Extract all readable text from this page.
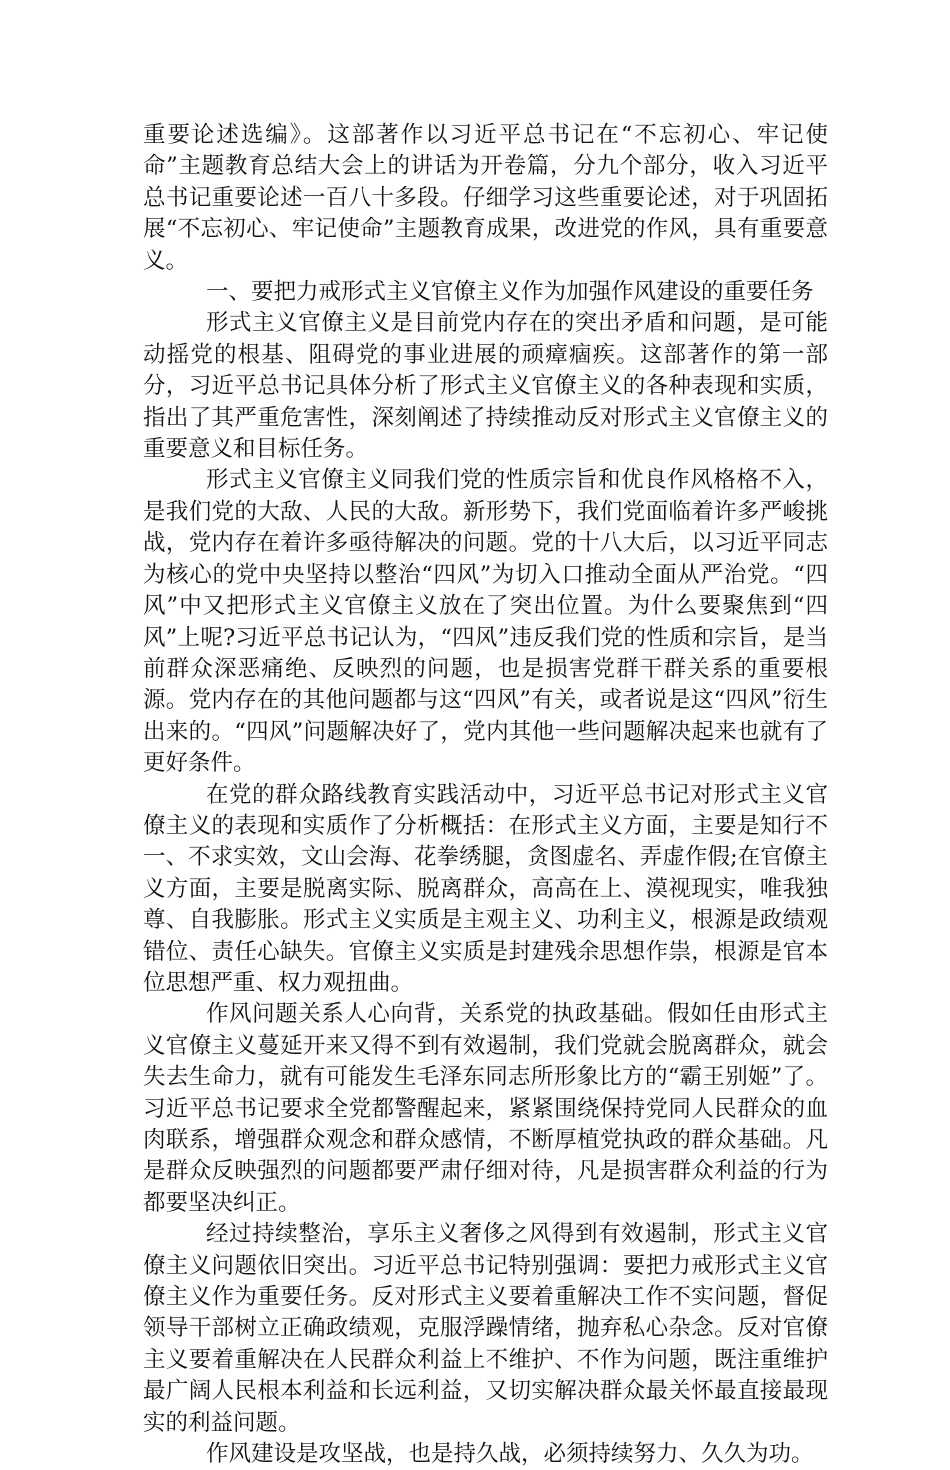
重要论述选编》。这部著作以习近平总书记在“不忘初心、牢记使命”主题教育总结大会上的讲话为开卷篇，分九个部分，收入习近平总书记重要论述一百八十多段。仔细学习这些重要论述，对于巩固拓展“不忘初心、牢记使命”主题教育成果，改进党的作风，具有重要意义。

一、要把力戒形式主义官僚主义作为加强作风建设的重要任务

形式主义官僚主义是目前党内存在的突出矛盾和问题，是可能动摇党的根基、阻碍党的事业进展的顽瘴痼疾。这部著作的第一部分，习近平总书记具体分析了形式主义官僚主义的各种表现和实质，指出了其严重危害性，深刻阐述了持续推动反对形式主义官僚主义的重要意义和目标任务。

形式主义官僚主义同我们党的性质宗旨和优良作风格格不入，是我们党的大敌、人民的大敌。新形势下，我们党面临着许多严峻挑战，党内存在着许多亟待解决的问题。党的十八大后，以习近平同志为核心的党中央坚持以整治“四风”为切入口推动全面从严治党。“四风”中又把形式主义官僚主义放在了突出位置。为什么要聚焦到“四风”上呢?习近平总书记认为，“四风”违反我们党的性质和宗旨，是当前群众深恶痛绝、反映烈的问题，也是损害党群干群关系的重要根源。党内存在的其他问题都与这“四风”有关，或者说是这“四风”衍生出来的。“四风”问题解决好了，党内其他一些问题解决起来也就有了更好条件。

在党的群众路线教育实践活动中，习近平总书记对形式主义官僚主义的表现和实质作了分析概括：在形式主义方面，主要是知行不一、不求实效，文山会海、花拳绣腿，贪图虚名、弄虚作假;在官僚主义方面，主要是脱离实际、脱离群众，高高在上、漠视现实，唯我独尊、自我膨胀。形式主义实质是主观主义、功利主义，根源是政绩观错位、责任心缺失。官僚主义实质是封建残余思想作祟，根源是官本位思想严重、权力观扭曲。

作风问题关系人心向背，关系党的执政基础。假如任由形式主义官僚主义蔓延开来又得不到有效遏制，我们党就会脱离群众，就会失去生命力，就有可能发生毛泽东同志所形象比方的“霸王别姬”了。习近平总书记要求全党都警醒起来，紧紧围绕保持党同人民群众的血肉联系，增强群众观念和群众感情，不断厚植党执政的群众基础。凡是群众反映强烈的问题都要严肃仔细对待，凡是损害群众利益的行为都要坚决纠正。

经过持续整治，享乐主义奢侈之风得到有效遏制，形式主义官僚主义问题依旧突出。习近平总书记特别强调：要把力戒形式主义官僚主义作为重要任务。反对形式主义要着重解决工作不实问题，督促领导干部树立正确政绩观，克服浮躁情绪，抛弃私心杂念。反对官僚主义要着重解决在人民群众利益上不维护、不作为问题，既注重维护最广阔人民根本利益和长远利益，又切实解决群众最关怀最直接最现实的利益问题。

作风建设是攻坚战，也是持久战，必须持续努力、久久为功。
